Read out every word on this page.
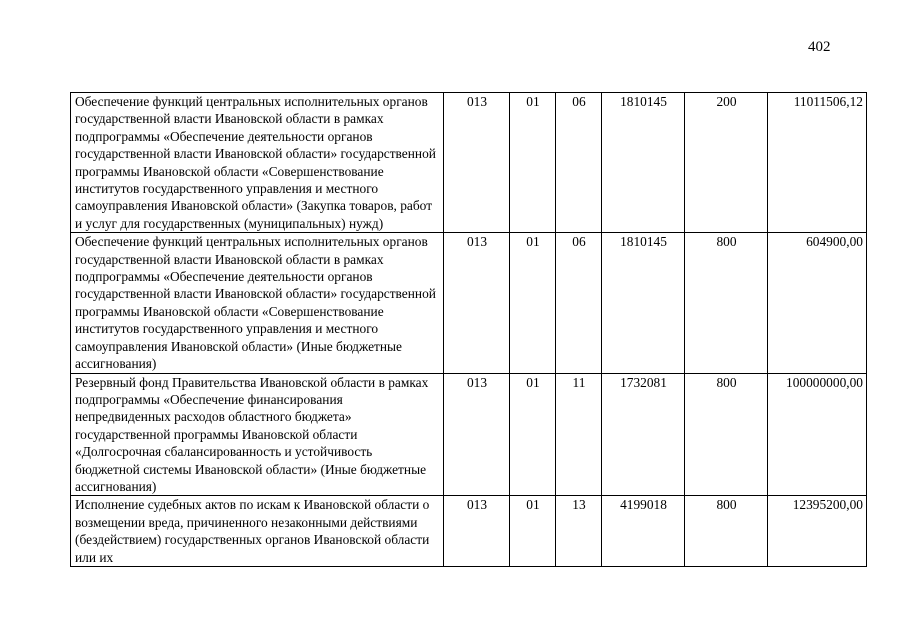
402
Обеспечение функций центральных исполнительных органов государственной власти Ивановской области в рамках подпрограммы «Обеспечение деятельности органов государственной власти Ивановской области» государственной программы Ивановской области «Совершенствование институтов государственного управления и местного самоуправления Ивановской области» (Закупка товаров, работ и услуг для государственных (муниципальных) нужд)	013	01	06	1810145	200	11011506,12
Обеспечение функций центральных исполнительных органов государственной власти Ивановской области в рамках подпрограммы «Обеспечение деятельности органов государственной власти Ивановской области» государственной программы Ивановской области «Совершенствование институтов государственного управления и местного самоуправления Ивановской области» (Иные бюджетные ассигнования)	013	01	06	1810145	800	604900,00
Резервный фонд Правительства Ивановской области в рамках подпрограммы «Обеспечение финансирования непредвиденных расходов областного бюджета» государственной программы Ивановской области «Долгосрочная сбалансированность и устойчивость бюджетной системы Ивановской области» (Иные бюджетные ассигнования)	013	01	11	1732081	800	100000000,00
Исполнение судебных актов по искам к Ивановской области о возмещении вреда, причиненного незаконными действиями (бездействием) государственных органов Ивановской области или их	013	01	13	4199018	800	12395200,00
